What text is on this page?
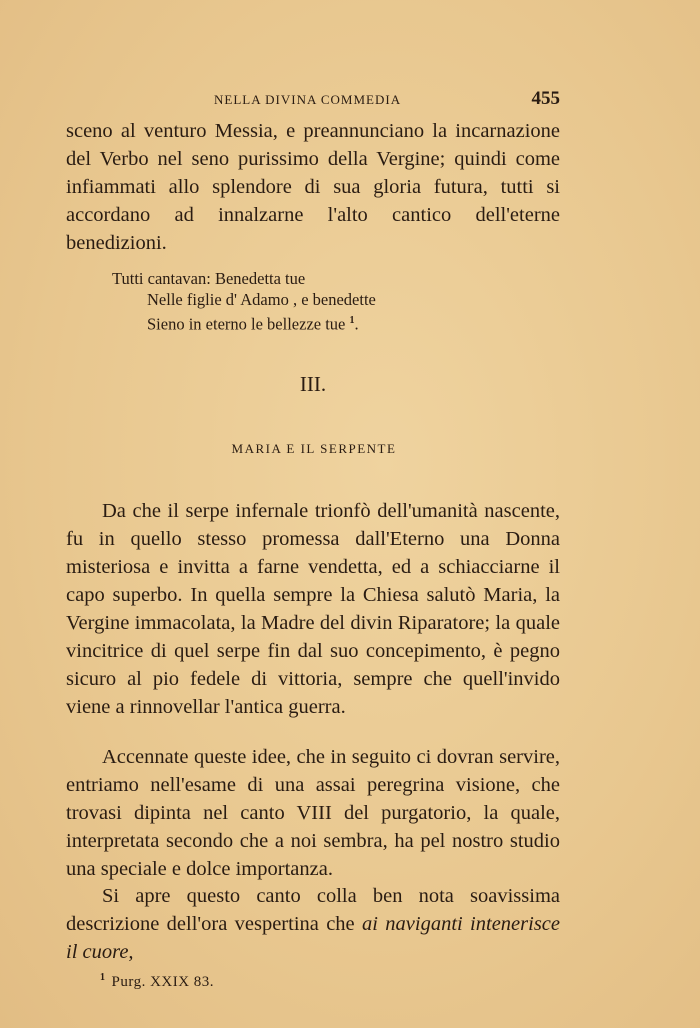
NELLA DIVINA COMMEDIA	455

sceno al venturo Messia, e preannunciano la incarnazione del Verbo nel seno purissimo della Vergine; quindi come infiammati allo splendore di sua gloria futura, tutti si accordano ad innalzarne l'alto cantico dell'eterne benedizioni.

Tutti cantavan: Benedetta tue
Nelle figlie d' Adamo , e benedette
Sieno in eterno le bellezze tue $^1$.
III.
MARIA E IL SERPENTE

Da che il serpe infernale trionfò dell'umanità nascente, fu in quello stesso promessa dall'Eterno una Donna misteriosa e invitta a farne vendetta, ed a schiacciarne il capo superbo. In quella sempre la Chiesa salutò Maria, la Vergine immacolata, la Madre del divin Riparatore; la quale vincitrice di quel serpe fin dal suo concepimento, è pegno sicuro al pio fedele di vittoria, sempre che quell'invido viene a rinnovellar l'antica guerra.

Accennate queste idee, che in seguito ci dovran servire, entriamo nell'esame di una assai peregrina visione, che trovasi dipinta nel canto VIII del purgatorio, la quale, interpretata secondo che a noi sembra, ha pel nostro studio una speciale e dolce importanza.

Si apre questo canto colla ben nota soavissima descrizione dell'ora vespertina che ai naviganti intenerisce il cuore,

$^1$ Purg. XXIX 83.
